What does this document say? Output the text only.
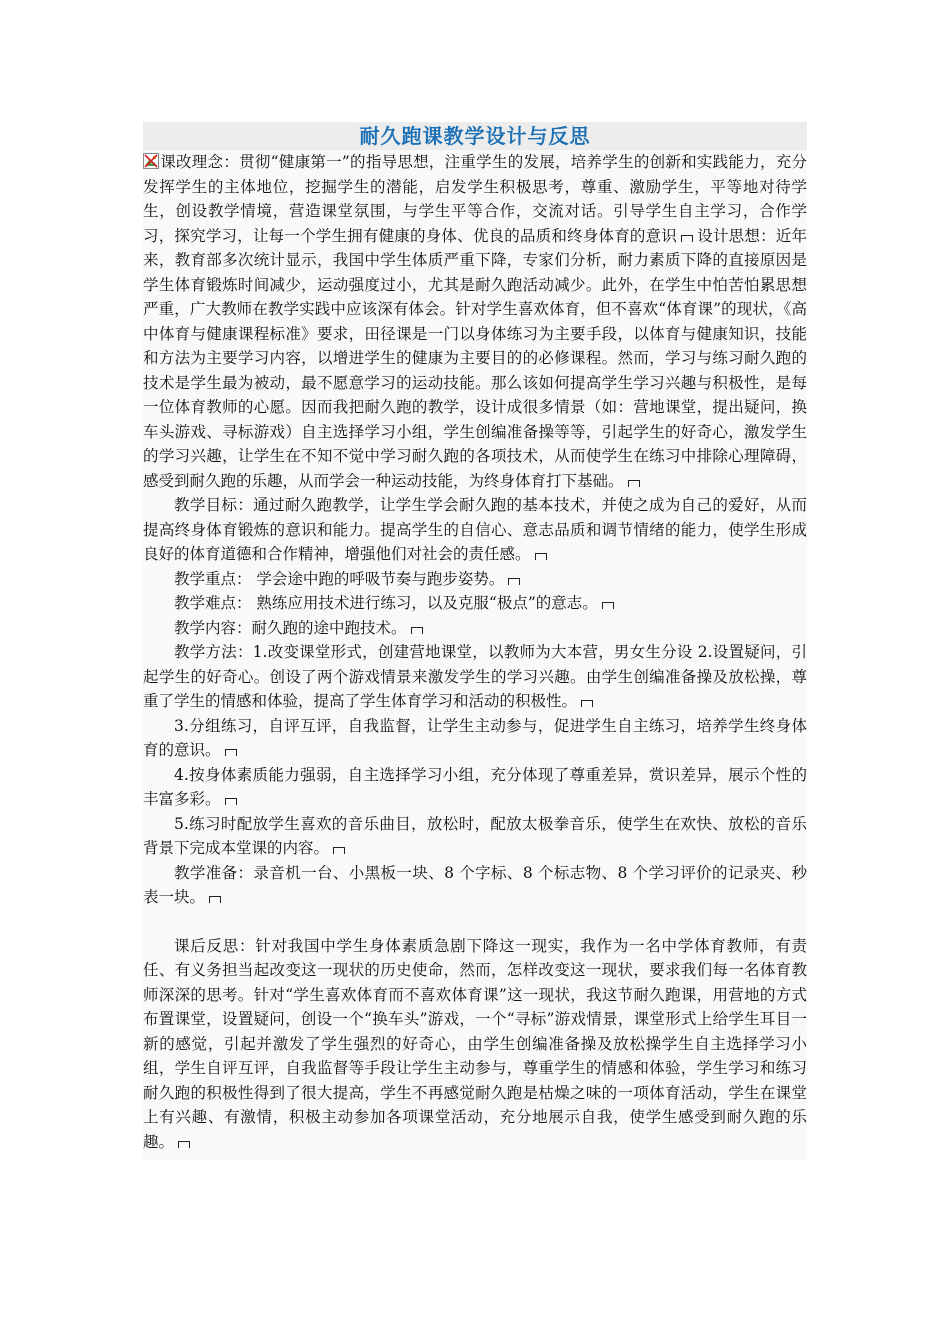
耐久跑课教学设计与反思

课改理念：贯彻“健康第一”的指导思想，注重学生的发展，培养学生的创新和实践能力，充分发挥学生的主体地位，挖掘学生的潜能，启发学生积极思考，尊重、激励学生，平等地对待学生，创设教学情境，营造课堂氛围，与学生平等合作，交流对话。引导学生自主学习，合作学习，探究学习，让每一个学生拥有健康的身体、优良的品质和终身体育的意识 设计思想：近年来，教育部多次统计显示，我国中学生体质严重下降，专家们分析，耐力素质下降的直接原因是学生体育锻炼时间减少，运动强度过小，尤其是耐久跑活动减少。此外，在学生中怕苦怕累思想严重，广大教师在教学实践中应该深有体会。针对学生喜欢体育，但不喜欢“体育课”的现状，《高中体育与健康课程标准》要求，田径课是一门以身体练习为主要手段，以体育与健康知识，技能和方法为主要学习内容，以增进学生的健康为主要目的的必修课程。然而，学习与练习耐久跑的技术是学生最为被动，最不愿意学习的运动技能。那么该如何提高学生学习兴趣与积极性，是每一位体育教师的心愿。因而我把耐久跑的教学，设计成很多情景（如：营地课堂，提出疑问，换车头游戏、寻标游戏）自主选择学习小组，学生创编准备操等等，引起学生的好奇心，激发学生的学习兴趣，让学生在不知不觉中学习耐久跑的各项技术，从而使学生在练习中排除心理障碍，感受到耐久跑的乐趣，从而学会一种运动技能，为终身体育打下基础。

教学目标：通过耐久跑教学，让学生学会耐久跑的基本技术，并使之成为自己的爱好，从而提高终身体育锻炼的意识和能力。提高学生的自信心、意志品质和调节情绪的能力，使学生形成良好的体育道德和合作精神，增强他们对社会的责任感。

教学重点： 学会途中跑的呼吸节奏与跑步姿势。

教学难点： 熟练应用技术进行练习，以及克服“极点”的意志。

教学内容：耐久跑的途中跑技术。

教学方法：1.改变课堂形式，创建营地课堂，以教师为大本营，男女生分设 2.设置疑问，引起学生的好奇心。创设了两个游戏情景来激发学生的学习兴趣。由学生创编准备操及放松操，尊重了学生的情感和体验，提高了学生体育学习和活动的积极性。

3.分组练习，自评互评，自我监督，让学生主动参与，促进学生自主练习，培养学生终身体育的意识。

4.按身体素质能力强弱，自主选择学习小组，充分体现了尊重差异，赏识差异，展示个性的丰富多彩。

5.练习时配放学生喜欢的音乐曲目，放松时，配放太极拳音乐，使学生在欢快、放松的音乐背景下完成本堂课的内容。

教学准备：录音机一台、小黑板一块、8 个字标、8 个标志物、8 个学习评价的记录夹、秒表一块。

课后反思：针对我国中学生身体素质急剧下降这一现实，我作为一名中学体育教师，有责任、有义务担当起改变这一现状的历史使命，然而，怎样改变这一现状，要求我们每一名体育教师深深的思考。针对“学生喜欢体育而不喜欢体育课”这一现状，我这节耐久跑课，用营地的方式布置课堂，设置疑问，创设一个“换车头”游戏，一个“寻标”游戏情景，课堂形式上给学生耳目一新的感觉，引起并激发了学生强烈的好奇心，由学生创编准备操及放松操学生自主选择学习小组，学生自评互评，自我监督等手段让学生主动参与，尊重学生的情感和体验，学生学习和练习耐久跑的积极性得到了很大提高，学生不再感觉耐久跑是枯燥之味的一项体育活动，学生在课堂上有兴趣、有激情，积极主动参加各项课堂活动，充分地展示自我，使学生感受到耐久跑的乐趣。
